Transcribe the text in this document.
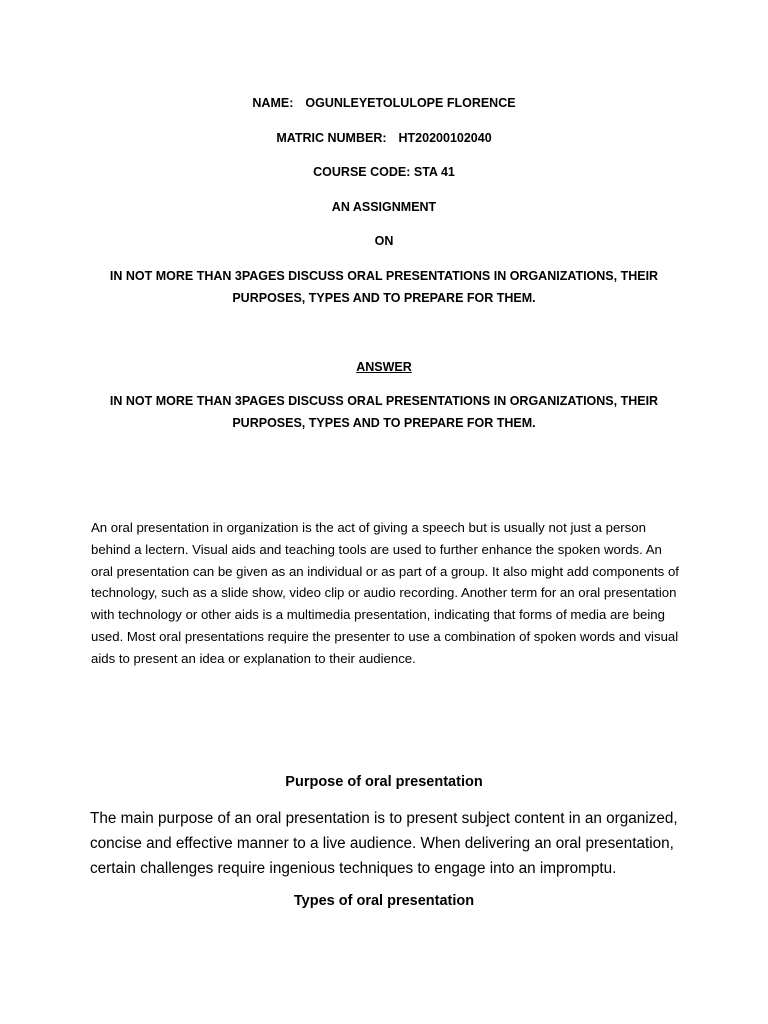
NAME: OGUNLEYETOLULOPE FLORENCE
MATRIC NUMBER: HT20200102040
COURSE CODE: STA 41
AN ASSIGNMENT
ON
IN NOT MORE THAN 3PAGES DISCUSS ORAL PRESENTATIONS IN ORGANIZATIONS, THEIR PURPOSES, TYPES AND TO PREPARE FOR THEM.
ANSWER
IN NOT MORE THAN 3PAGES DISCUSS ORAL PRESENTATIONS IN ORGANIZATIONS, THEIR PURPOSES, TYPES AND TO PREPARE FOR THEM.
An oral presentation in organization is the act of giving a speech but is usually not just a person behind a lectern. Visual aids and teaching tools are used to further enhance the spoken words. An oral presentation can be given as an individual or as part of a group. It also might add components of technology, such as a slide show, video clip or audio recording. Another term for an oral presentation with technology or other aids is a multimedia presentation, indicating that forms of media are being used. Most oral presentations require the presenter to use a combination of spoken words and visual aids to present an idea or explanation to their audience.
Purpose of oral presentation
The main purpose of an oral presentation is to present subject content in an organized, concise and effective manner to a live audience. When delivering an oral presentation, certain challenges require ingenious techniques to engage into an impromptu.
Types of oral presentation
